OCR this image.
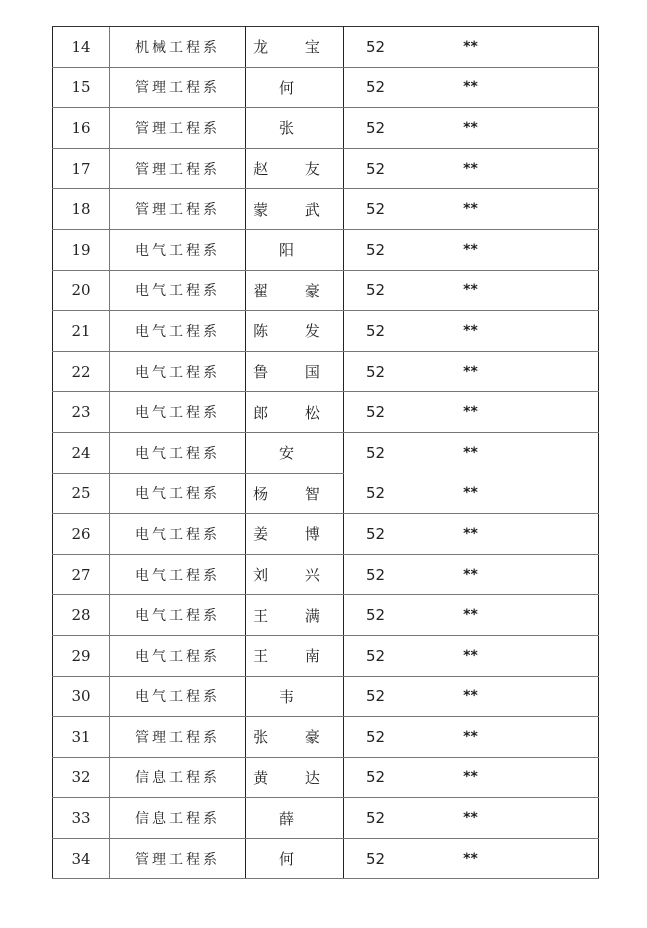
14	机械工程系	龙 宝	52	**	
15	管理工程系	何	52	**	
16	管理工程系	张	52	**	
17	管理工程系	赵 友	52	**	
18	管理工程系	蒙 武	52	**	
19	电气工程系	阳	52	**	
20	电气工程系	翟 豪	52	**	
21	电气工程系	陈 发	52	**	
22	电气工程系	鲁 国	52	**	
23	电气工程系	郎 松	52	**	
24	电气工程系	安	52	**	
25	电气工程系	杨 智	52	**	
26	电气工程系	姜 博	52	**	
27	电气工程系	刘 兴	52	**	
28	电气工程系	王 满	52	**	
29	电气工程系	王 南	52	**	
30	电气工程系	韦	52	**	
31	管理工程系	张 豪	52	**	
32	信息工程系	黄 达	52	**	
33	信息工程系	薛	52	**	
34	管理工程系	何	52	**	
